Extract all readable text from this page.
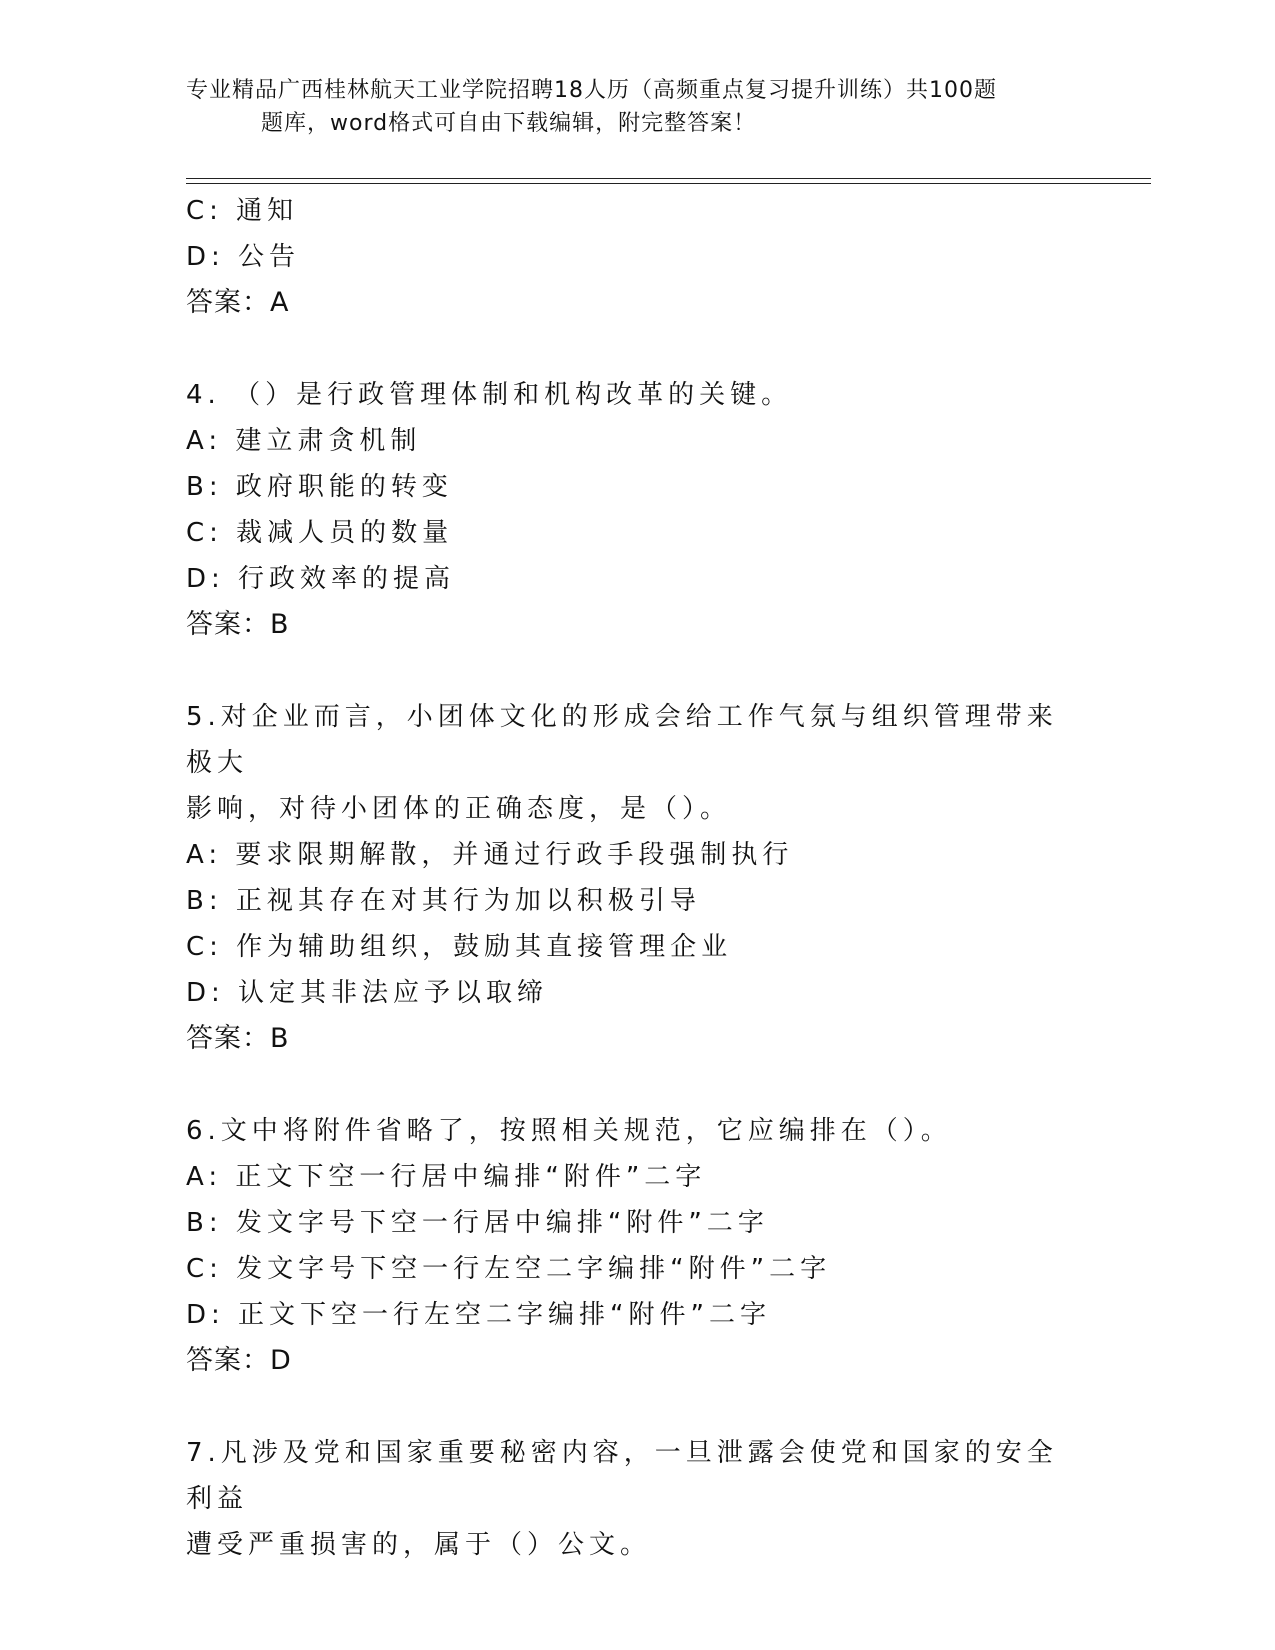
专业精品广西桂林航天工业学院招聘18人历（高频重点复习提升训练）共100题
题库，word格式可自由下载编辑，附完整答案！
C: 通知
D: 公告
答案：A
4. （）是行政管理体制和机构改革的关键。
A: 建立肃贪机制
B: 政府职能的转变
C: 裁减人员的数量
D: 行政效率的提高
答案：B
5.对企业而言，小团体文化的形成会给工作气氛与组织管理带来极大
影响，对待小团体的正确态度，是（）。
A: 要求限期解散，并通过行政手段强制执行
B: 正视其存在对其行为加以积极引导
C: 作为辅助组织，鼓励其直接管理企业
D: 认定其非法应予以取缔
答案：B
6.文中将附件省略了，按照相关规范，它应编排在（）。
A: 正文下空一行居中编排“附件”二字
B: 发文字号下空一行居中编排“附件”二字
C: 发文字号下空一行左空二字编排“附件”二字
D: 正文下空一行左空二字编排“附件”二字
答案：D
7.凡涉及党和国家重要秘密内容，一旦泄露会使党和国家的安全利益
遭受严重损害的，属于（）公文。
